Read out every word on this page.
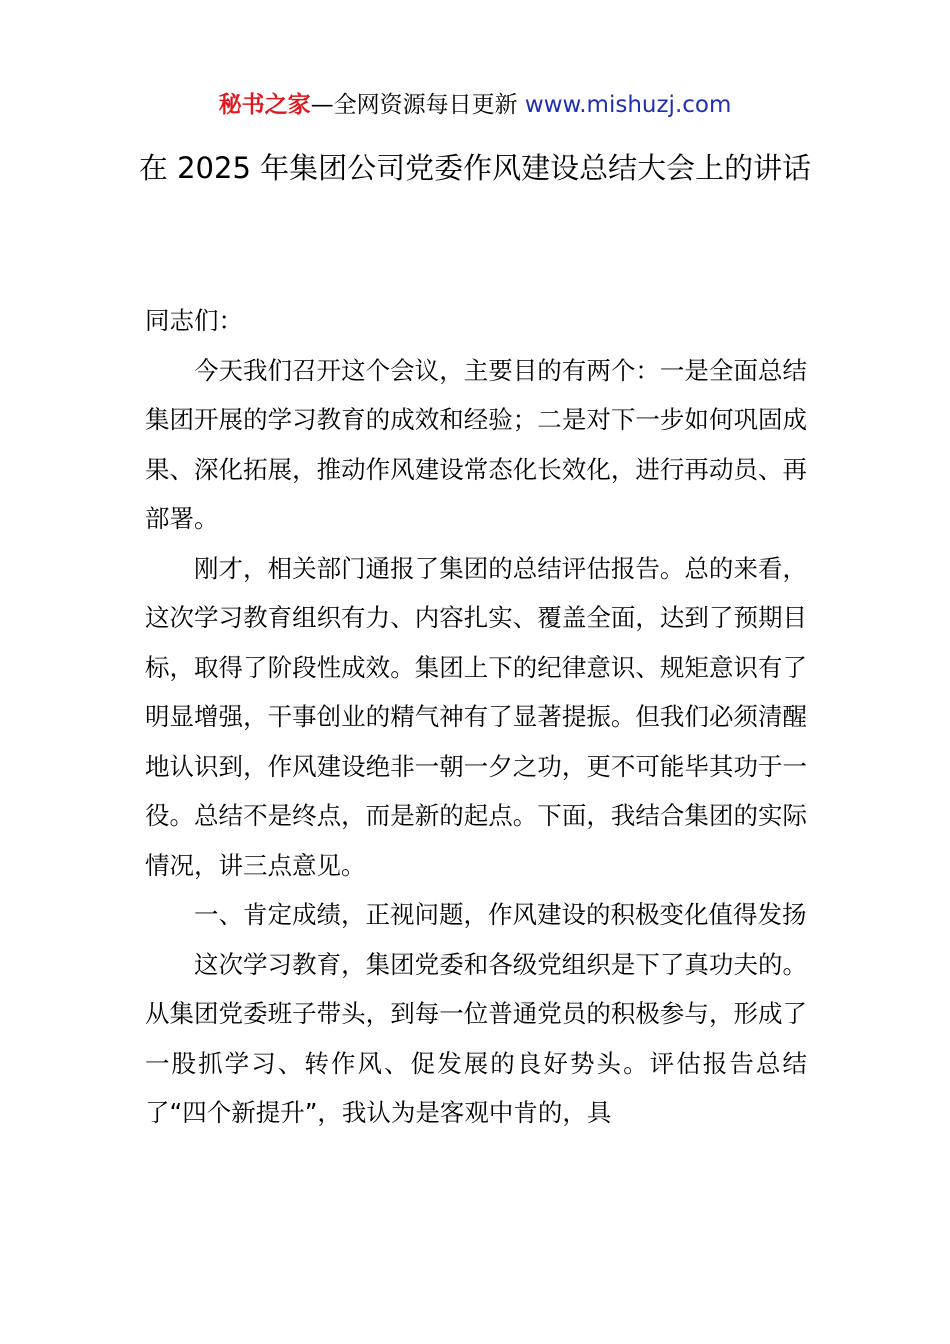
秘书之家—全网资源每日更新 www.mishuzj.com
在 2025 年集团公司党委作风建设总结大会上的讲话

同志们：

今天我们召开这个会议，主要目的有两个：一是全面总结集团开展的学习教育的成效和经验；二是对下一步如何巩固成果、深化拓展，推动作风建设常态化长效化，进行再动员、再部署。

刚才，相关部门通报了集团的总结评估报告。总的来看，这次学习教育组织有力、内容扎实、覆盖全面，达到了预期目标，取得了阶段性成效。集团上下的纪律意识、规矩意识有了明显增强，干事创业的精气神有了显著提振。但我们必须清醒地认识到，作风建设绝非一朝一夕之功，更不可能毕其功于一役。总结不是终点，而是新的起点。下面，我结合集团的实际情况，讲三点意见。

一、肯定成绩，正视问题，作风建设的积极变化值得发扬

这次学习教育，集团党委和各级党组织是下了真功夫的。从集团党委班子带头，到每一位普通党员的积极参与，形成了一股抓学习、转作风、促发展的良好势头。评估报告总结了“四个新提升”，我认为是客观中肯的，具
